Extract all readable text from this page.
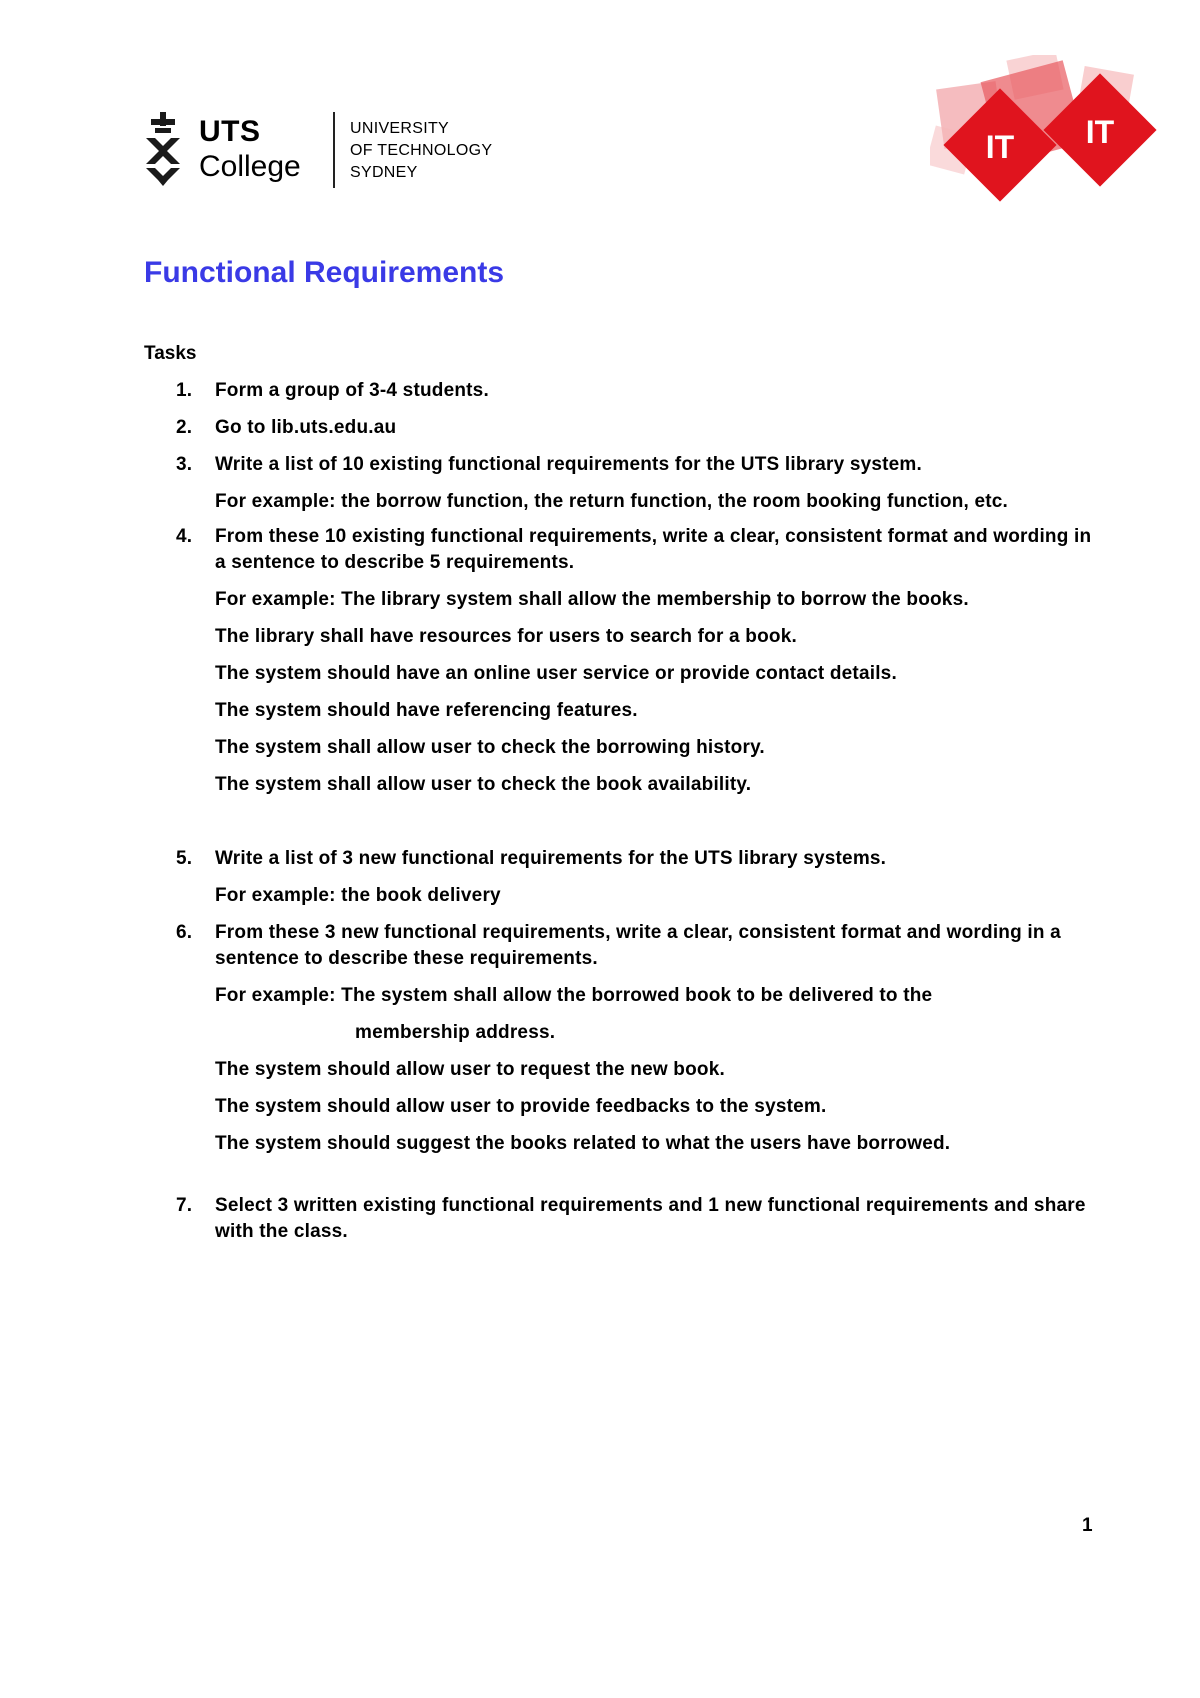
UTS
College
UNIVERSITY
OF TECHNOLOGY
SYDNEY
IT IT
Functional Requirements
Tasks
1. Form a group of 3-4 students.
2. Go to lib.uts.edu.au
3. Write a list of 10 existing functional requirements for the UTS library system.
For example: the borrow function, the return function, the room booking function, etc.
4. From these 10 existing functional requirements, write a clear, consistent format and wording in a sentence to describe 5 requirements.
For example: The library system shall allow the membership to borrow the books.
The library shall have resources for users to search for a book.
The system should have an online user service or provide contact details.
The system should have referencing features.
The system shall allow user to check the borrowing history.
The system shall allow user to check the book availability.
5. Write a list of 3 new functional requirements for the UTS library systems.
For example: the book delivery
6. From these 3 new functional requirements, write a clear, consistent format and wording in a sentence to describe these requirements.
For example: The system shall allow the borrowed book to be delivered to the
membership address.
The system should allow user to request the new book.
The system should allow user to provide feedbacks to the system.
The system should suggest the books related to what the users have borrowed.
7. Select 3 written existing functional requirements and 1 new functional requirements and share with the class.
1
